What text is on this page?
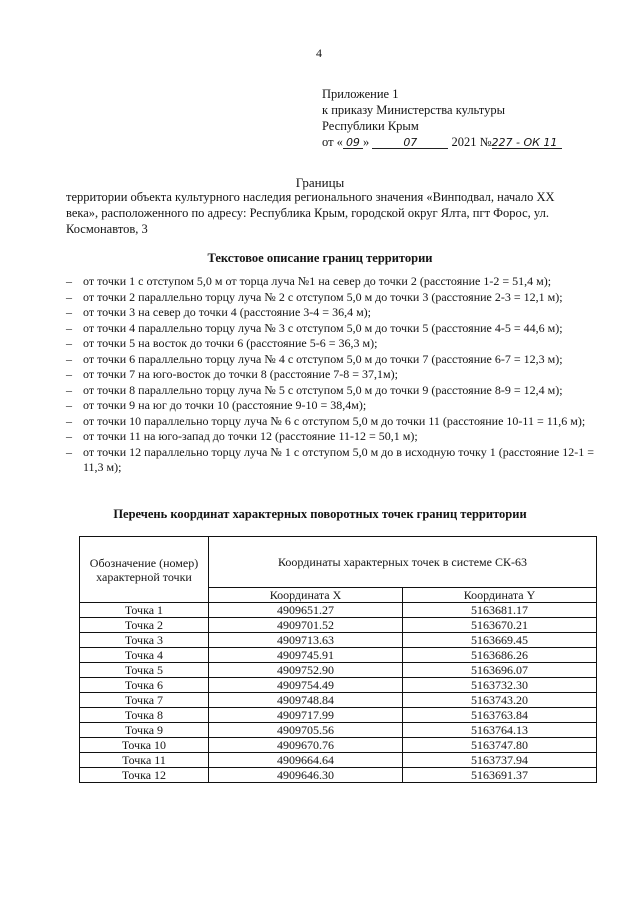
4
Приложение 1
к приказу Министерства культуры
Республики Крым
от « 09 »	07	2021 №227 - ОК 11
Границы
территории объекта культурного наследия регионального значения «Винподвал, начало XX века», расположенного по адресу: Республика Крым, городской округ Ялта, пгт Форос, ул. Космонавтов, 3
Текстовое описание границ территории
– от точки 1 с отступом 5,0 м от торца луча №1 на север до точки 2 (расстояние 1-2 = 51,4 м);
– от точки 2 параллельно торцу луча № 2 с отступом 5,0 м до точки 3 (расстояние 2-3 = 12,1 м);
– от точки 3 на север до точки 4 (расстояние 3-4 = 36,4 м);
– от точки 4 параллельно торцу луча № 3 с отступом 5,0 м до точки 5 (расстояние 4-5 = 44,6 м);
– от точки 5 на восток до точки 6 (расстояние 5-6 = 36,3 м);
– от точки 6 параллельно торцу луча № 4 с отступом 5,0 м до точки 7 (расстояние 6-7 = 12,3 м);
– от точки 7 на юго-восток до точки 8 (расстояние 7-8 = 37,1м);
– от точки 8 параллельно торцу луча № 5 с отступом 5,0 м до точки 9 (расстояние 8-9 = 12,4 м);
– от точки 9 на юг до точки 10 (расстояние 9-10 = 38,4м);
– от точки 10 параллельно торцу луча № 6 с отступом 5,0 м до точки 11 (расстояние 10-11 = 11,6 м);
– от точки 11 на юго-запад до точки 12 (расстояние 11-12 = 50,1 м);
– от точки 12 параллельно торцу луча № 1 с отступом 5,0 м до в исходную точку 1 (расстояние 12-1 = 11,3 м);
Перечень координат характерных поворотных точек границ территории
Обозначение (номер) характерной точки	Координаты характерных точек в системе СК-63	
	Координата X	Координата Y
Точка 1	4909651.27	5163681.17
Точка 2	4909701.52	5163670.21
Точка 3	4909713.63	5163669.45
Точка 4	4909745.91	5163686.26
Точка 5	4909752.90	5163696.07
Точка 6	4909754.49	5163732.30
Точка 7	4909748.84	5163743.20
Точка 8	4909717.99	5163763.84
Точка 9	4909705.56	5163764.13
Точка 10	4909670.76	5163747.80
Точка 11	4909664.64	5163737.94
Точка 12	4909646.30	5163691.37
